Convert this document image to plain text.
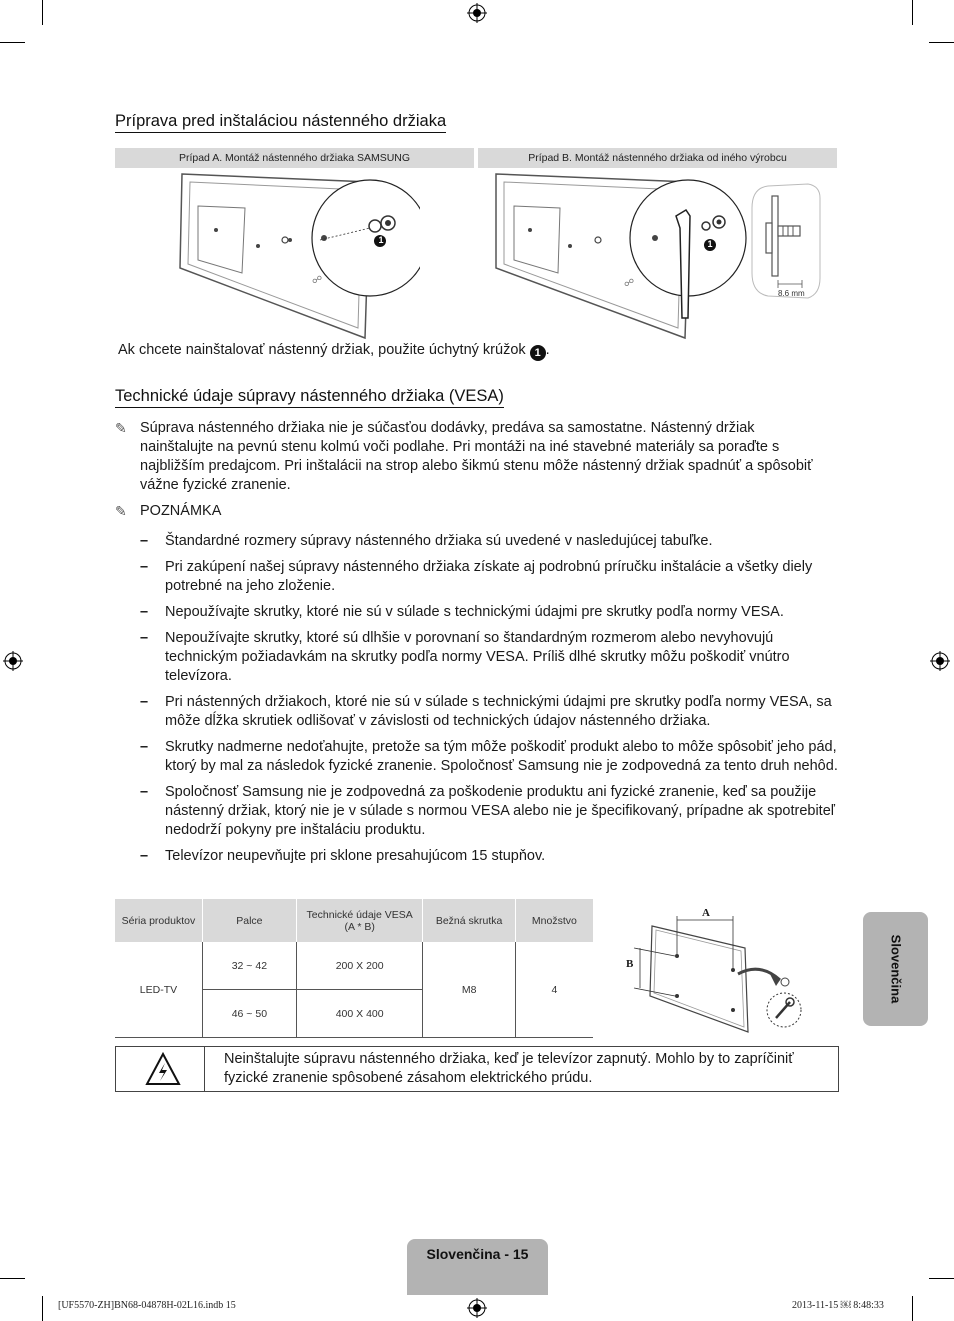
Príprava pred inštaláciou nástenného držiaka
Prípad A. Montáž nástenného držiaka SAMSUNG	Prípad B. Montáž nástenného držiaka od iného výrobcu
☍
1
☍
1
8.6 mm
Ak chcete nainštalovať nástenný držiak, použite úchytný krúžok 1 .
Technické údaje súpravy nástenného držiaka (VESA)
✎ Súprava nástenného držiaka nie je súčasťou dodávky, predáva sa samostatne. Nástenný držiak nainštalujte na pevnú stenu kolmú voči podlahe. Pri montáži na iné stavebné materiály sa poraďte s najbližším predajcom. Pri inštalácii na strop alebo šikmú stenu môže nástenný držiak spadnúť a spôsobiť vážne fyzické zranenie.
✎ POZNÁMKA
– Štandardné rozmery súpravy nástenného držiaka sú uvedené v nasledujúcej tabuľke.
– Pri zakúpení našej súpravy nástenného držiaka získate aj podrobnú príručku inštalácie a všetky diely potrebné na jeho zloženie.
– Nepoužívajte skrutky, ktoré nie sú v súlade s technickými údajmi pre skrutky podľa normy VESA.
– Nepoužívajte skrutky, ktoré sú dlhšie v porovnaní so štandardným rozmerom alebo nevyhovujú technickým požiadavkám na skrutky podľa normy VESA. Príliš dlhé skrutky môžu poškodiť vnútro televízora.
– Pri nástenných držiakoch, ktoré nie sú v súlade s technickými údajmi pre skrutky podľa normy VESA, sa môže dĺžka skrutiek odlišovať v závislosti od technických údajov nástenného držiaka.
– Skrutky nadmerne nedoťahujte, pretože sa tým môže poškodiť produkt alebo to môže spôsobiť jeho pád, ktorý by mal za následok fyzické zranenie. Spoločnosť Samsung nie je zodpovedná za tento druh nehôd.
– Spoločnosť Samsung nie je zodpovedná za poškodenie produktu ani fyzické zranenie, keď sa použije nástenný držiak, ktorý nie je v súlade s normou VESA alebo nie je špecifikovaný, prípadne ak spotrebiteľ nedodrží pokyny pre inštaláciu produktu.
– Televízor neupevňujte pri sklone presahujúcom 15 stupňov.
Séria produktov	Palce	Technické údaje VESA (A * B)	Bežná skrutka	Množstvo
LED-TV	32 ~ 42	200 X 200	M8	4
	46 ~ 50	400 X 400		
A
B	Slovenčina
Neinštalujte súpravu nástenného držiaka, keď je televízor zapnutý. Mohlo by to zapríčiniť fyzické zranenie spôsobené zásahom elektrického prúdu.
Slovenčina - 15
[UF5570-ZH]BN68-04878H-02L16.indb 15	2013-11-15 ￼ 8:48:33
